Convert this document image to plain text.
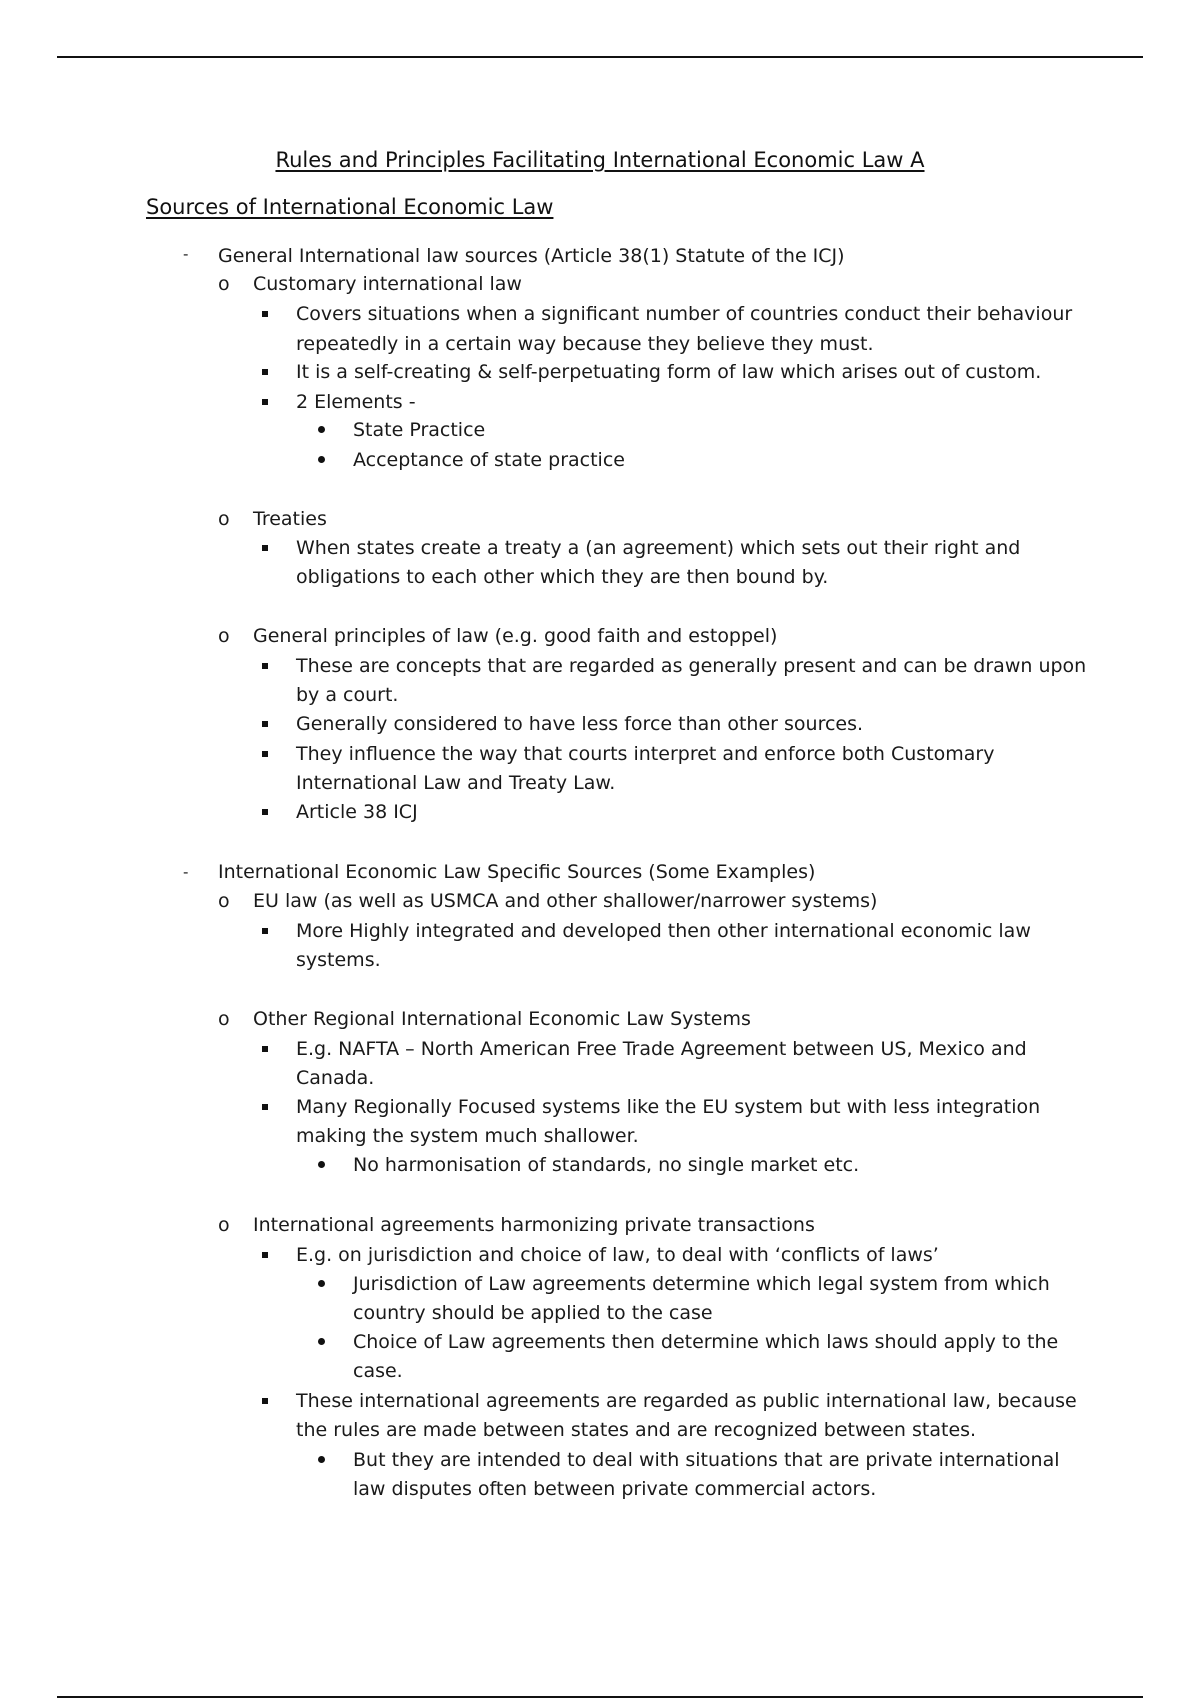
Rules and Principles Facilitating International Economic Law A
Sources of International Economic Law
- General International law sources (Article 38(1) Statute of the ICJ)
o Customary international law
Covers situations when a significant number of countries conduct their behaviour
repeatedly in a certain way because they believe they must.
It is a self-creating & self-perpetuating form of law which arises out of custom.
2 Elements -
State Practice
Acceptance of state practice
o Treaties
When states create a treaty a (an agreement) which sets out their right and
obligations to each other which they are then bound by.
o General principles of law (e.g. good faith and estoppel)
These are concepts that are regarded as generally present and can be drawn upon
by a court.
Generally considered to have less force than other sources.
They influence the way that courts interpret and enforce both Customary
International Law and Treaty Law.
Article 38 ICJ
- International Economic Law Specific Sources (Some Examples)
o EU law (as well as USMCA and other shallower/narrower systems)
More Highly integrated and developed then other international economic law
systems.
o Other Regional International Economic Law Systems
E.g. NAFTA – North American Free Trade Agreement between US, Mexico and
Canada.
Many Regionally Focused systems like the EU system but with less integration
making the system much shallower.
No harmonisation of standards, no single market etc.
o International agreements harmonizing private transactions
E.g. on jurisdiction and choice of law, to deal with ‘conflicts of laws’
Jurisdiction of Law agreements determine which legal system from which
country should be applied to the case
Choice of Law agreements then determine which laws should apply to the
case.
These international agreements are regarded as public international law, because
the rules are made between states and are recognized between states.
But they are intended to deal with situations that are private international
law disputes often between private commercial actors.
